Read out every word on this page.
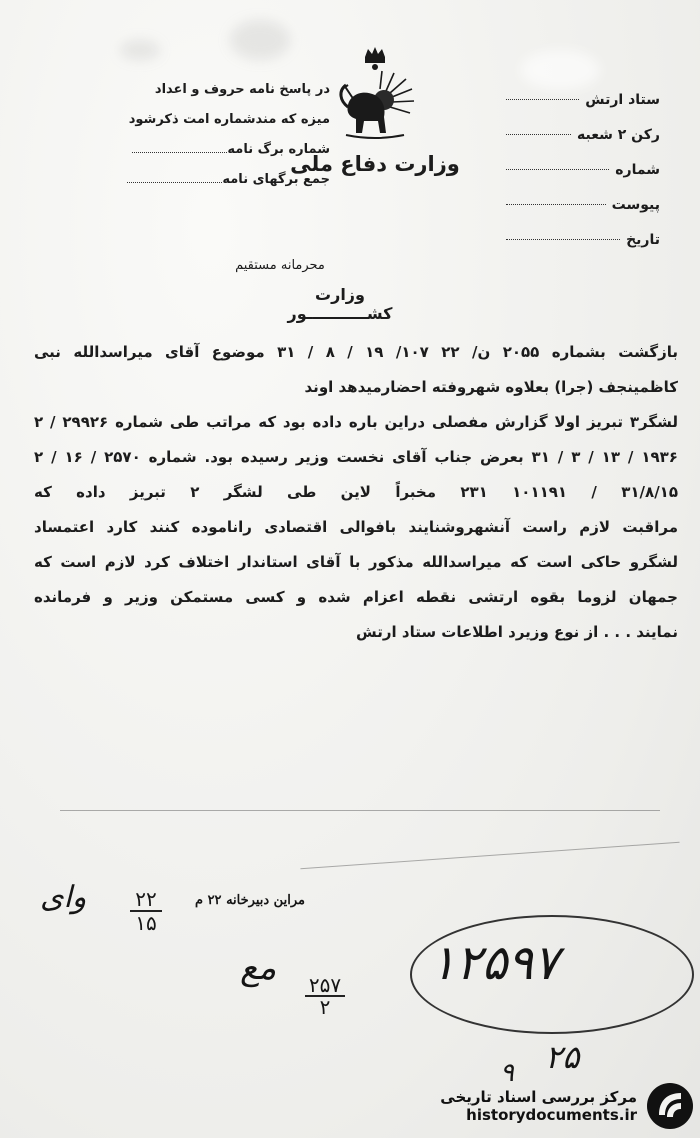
در پاسخ نامه حروف و اعداد
میزه که مندشماره امت ذکرشود
شماره برگ نامه
جمع برگهای نامه
ستاد ارتش
رکن ۲ شعبه
شماره
پیوست
تاریخ
وزارت دفاع ملی
محرمانه مستقیم
وزارت کشـــــــــــور
بازگشت بشماره ۲۰۵۵ ن/ ۲۲ ۱۰۷/ ۱۹ / ۸ / ۳۱ موضوع آقای میراسدالله نبی
کاظمینجف (جرا) بعلاوه شهروفته احضارمیدهد اوند
لشگر۳ تبریز اولا گزارش مفصلی دراین باره داده بود که مراتب طی شماره ۲۹۹۲۶ / ۲
۱۹۳۶ / ۱۳ / ۳ / ۳۱ بعرض جناب آقای نخست وزیر رسیده بود. شماره ۲۵۷۰ / ۱۶ / ۲
۳۱/۸/۱۵ / ۱۰۱۱۹۱ ۲۳۱ مخبراً لاین طی لشگر ۲ تبریز داده که
مراقبت لازم راست آنشهروشنایند بافوالی اقتصادی راناموده کنند کارد اعتمساد
لشگرو حاکی است که میراسدالله مذکور با آقای استاندار اختلاف کرد لازم است که
جمهان لزوما بقوه ارتشی نقطه اعزام شده و کسی مستمکن وزیر و فرمانده
نمایند . . . از نوع وزیرد اطلاعات ستاد ارتش
وای ۲۲
۱۵
مراین دبیرخانه ۲۲ م
مع ۲۵۷
۲
۱۲۵۹۷
۲۵
۹
مرکز بررسی اسناد تاریخی
historydocuments.ir
